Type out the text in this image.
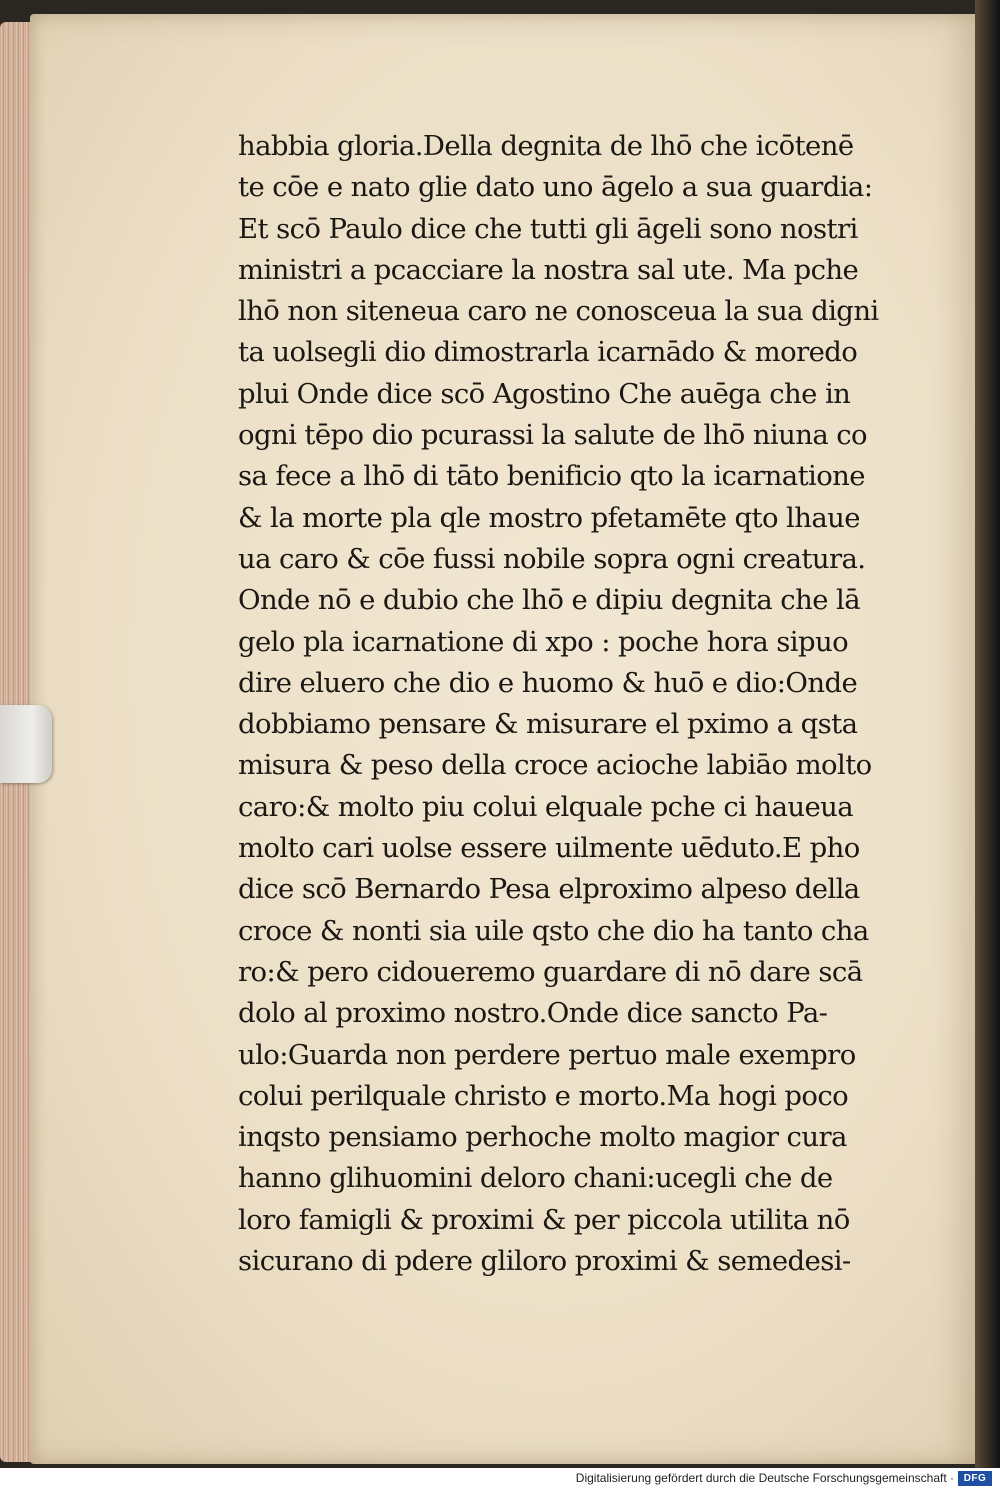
habbia gloria.Della degnita de lhō che icōtenē
te cōe e nato glie dato uno āgelo a sua guardia:
Et scō Paulo dice che tutti gli āgeli sono nostri
ministri a pcacciare la nostra sal ute. Ma pche
lhō non siteneua caro ne conosceua la sua digni
ta uolsegli dio dimostrarla icarnādo & moredo
plui Onde dice scō Agostino Che auēga che in
ogni tēpo dio pcurassi la salute de lhō niuna co
sa fece a lhō di tāto benificio qto la icarnatione
& la morte pla qle mostro pfetamēte qto lhaue
ua caro & cōe fussi nobile sopra ogni creatura.
Onde nō e dubio che lhō e dipiu degnita che lā
gelo pla icarnatione di xpo : poche hora sipuo
dire eluero che dio e huomo & huō e dio:Onde
dobbiamo pensare & misurare el pximo a qsta
misura & peso della croce acioche labiāo molto
caro:& molto piu colui elquale pche ci haueua
molto cari uolse essere uilmente uēduto.E pho
dice scō Bernardo Pesa elproximo alpeso della
croce & nonti sia uile qsto che dio ha tanto cha
ro:& pero cidoueremo guardare di nō dare scā
dolo al proximo nostro.Onde dice sancto Pa-
ulo:Guarda non perdere pertuo male exempro
colui perilquale christo e morto.Ma hogi poco
inqsto pensiamo perhoche molto magior cura
hanno glihuomini deloro chani:ucegli che de
loro famigli & proximi & per piccola utilita nō
sicurano di pdere gliloro proximi & semedesi-
Digitalisierung gefördert durch die Deutsche Forschungsgemeinschaft · DFG
